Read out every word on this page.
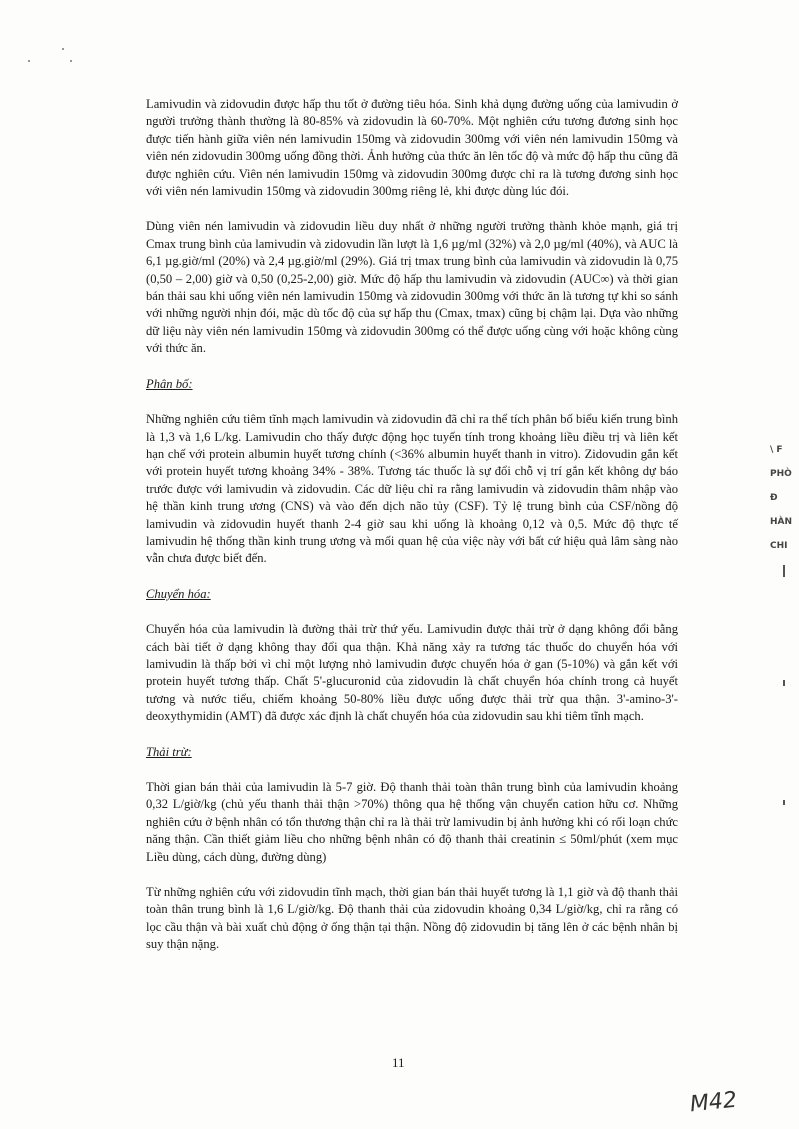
Lamivudin và zidovudin được hấp thu tốt ở đường tiêu hóa. Sinh khả dụng đường uống của lamivudin ở người trưởng thành thường là 80-85% và zidovudin là 60-70%. Một nghiên cứu tương đương sinh học được tiến hành giữa viên nén lamivudin 150mg và zidovudin 300mg với viên nén lamivudin 150mg và viên nén zidovudin 300mg uống đồng thời. Ảnh hưởng của thức ăn lên tốc độ và mức độ hấp thu cũng đã được nghiên cứu. Viên nén lamivudin 150mg và zidovudin 300mg được chỉ ra là tương đương sinh học với viên nén lamivudin 150mg và zidovudin 300mg riêng lẻ, khi được dùng lúc đói.

Dùng viên nén lamivudin và zidovudin liều duy nhất ở những người trưởng thành khỏe mạnh, giá trị Cmax trung bình của lamivudin và zidovudin lần lượt là 1,6 µg/ml (32%) và 2,0 µg/ml (40%), và AUC là 6,1 µg.giờ/ml (20%) và 2,4 µg.giờ/ml (29%). Giá trị tmax trung bình của lamivudin và zidovudin là 0,75 (0,50 – 2,00) giờ và 0,50 (0,25-2,00) giờ. Mức độ hấp thu lamivudin và zidovudin (AUC∞) và thời gian bán thải sau khi uống viên nén lamivudin 150mg và zidovudin 300mg với thức ăn là tương tự khi so sánh với những người nhịn đói, mặc dù tốc độ của sự hấp thu (Cmax, tmax) cũng bị chậm lại. Dựa vào những dữ liệu này viên nén lamivudin 150mg và zidovudin 300mg có thể được uống cùng với hoặc không cùng với thức ăn.

Phân bố:

Những nghiên cứu tiêm tĩnh mạch lamivudin và zidovudin đã chỉ ra thể tích phân bố biểu kiến trung bình là 1,3 và 1,6 L/kg. Lamivudin cho thấy được động học tuyến tính trong khoảng liều điều trị và liên kết hạn chế với protein albumin huyết tương chính (<36% albumin huyết thanh in vitro). Zidovudin gắn kết với protein huyết tương khoảng 34% - 38%. Tương tác thuốc là sự đổi chỗ vị trí gắn kết không dự báo trước được với lamivudin và zidovudin. Các dữ liệu chỉ ra rằng lamivudin và zidovudin thâm nhập vào hệ thần kinh trung ương (CNS) và vào đến dịch não tủy (CSF). Tỷ lệ trung bình của CSF/nồng độ lamivudin và zidovudin huyết thanh 2-4 giờ sau khi uống là khoảng 0,12 và 0,5. Mức độ thực tế lamivudin hệ thống thần kinh trung ương và mối quan hệ của việc này với bất cứ hiệu quả lâm sàng nào vẫn chưa được biết đến.

Chuyển hóa:

Chuyển hóa của lamivudin là đường thải trừ thứ yếu. Lamivudin được thải trừ ở dạng không đổi bằng cách bài tiết ở dạng không thay đổi qua thận. Khả năng xảy ra tương tác thuốc do chuyển hóa với lamivudin là thấp bởi vì chỉ một lượng nhỏ lamivudin được chuyển hóa ở gan (5-10%) và gắn kết với protein huyết tương thấp. Chất 5'-glucuronid của zidovudin là chất chuyển hóa chính trong cả huyết tương và nước tiểu, chiếm khoảng 50-80% liều được uống được thải trừ qua thận. 3'-amino-3'-deoxythymidin (AMT) đã được xác định là chất chuyển hóa của zidovudin sau khi tiêm tĩnh mạch.

Thải trừ:

Thời gian bán thải của lamivudin là 5-7 giờ. Độ thanh thải toàn thân trung bình của lamivudin khoảng 0,32 L/giờ/kg (chủ yếu thanh thải thận >70%) thông qua hệ thống vận chuyển cation hữu cơ. Những nghiên cứu ở bệnh nhân có tổn thương thận chỉ ra là thải trừ lamivudin bị ảnh hưởng khi có rối loạn chức năng thận. Cần thiết giảm liều cho những bệnh nhân có độ thanh thải creatinin ≤ 50ml/phút (xem mục Liều dùng, cách dùng, đường dùng)

Từ những nghiên cứu với zidovudin tĩnh mạch, thời gian bán thải huyết tương là 1,1 giờ và độ thanh thải toàn thân trung bình là 1,6 L/giờ/kg. Độ thanh thải của zidovudin khoảng 0,34 L/giờ/kg, chỉ ra rằng có lọc cầu thận và bài xuất chủ động ở ống thận tại thận. Nồng độ zidovudin bị tăng lên ở các bệnh nhân bị suy thận nặng.

11
M42
\ F
PHÒ
Đ
HÀN
CHI
